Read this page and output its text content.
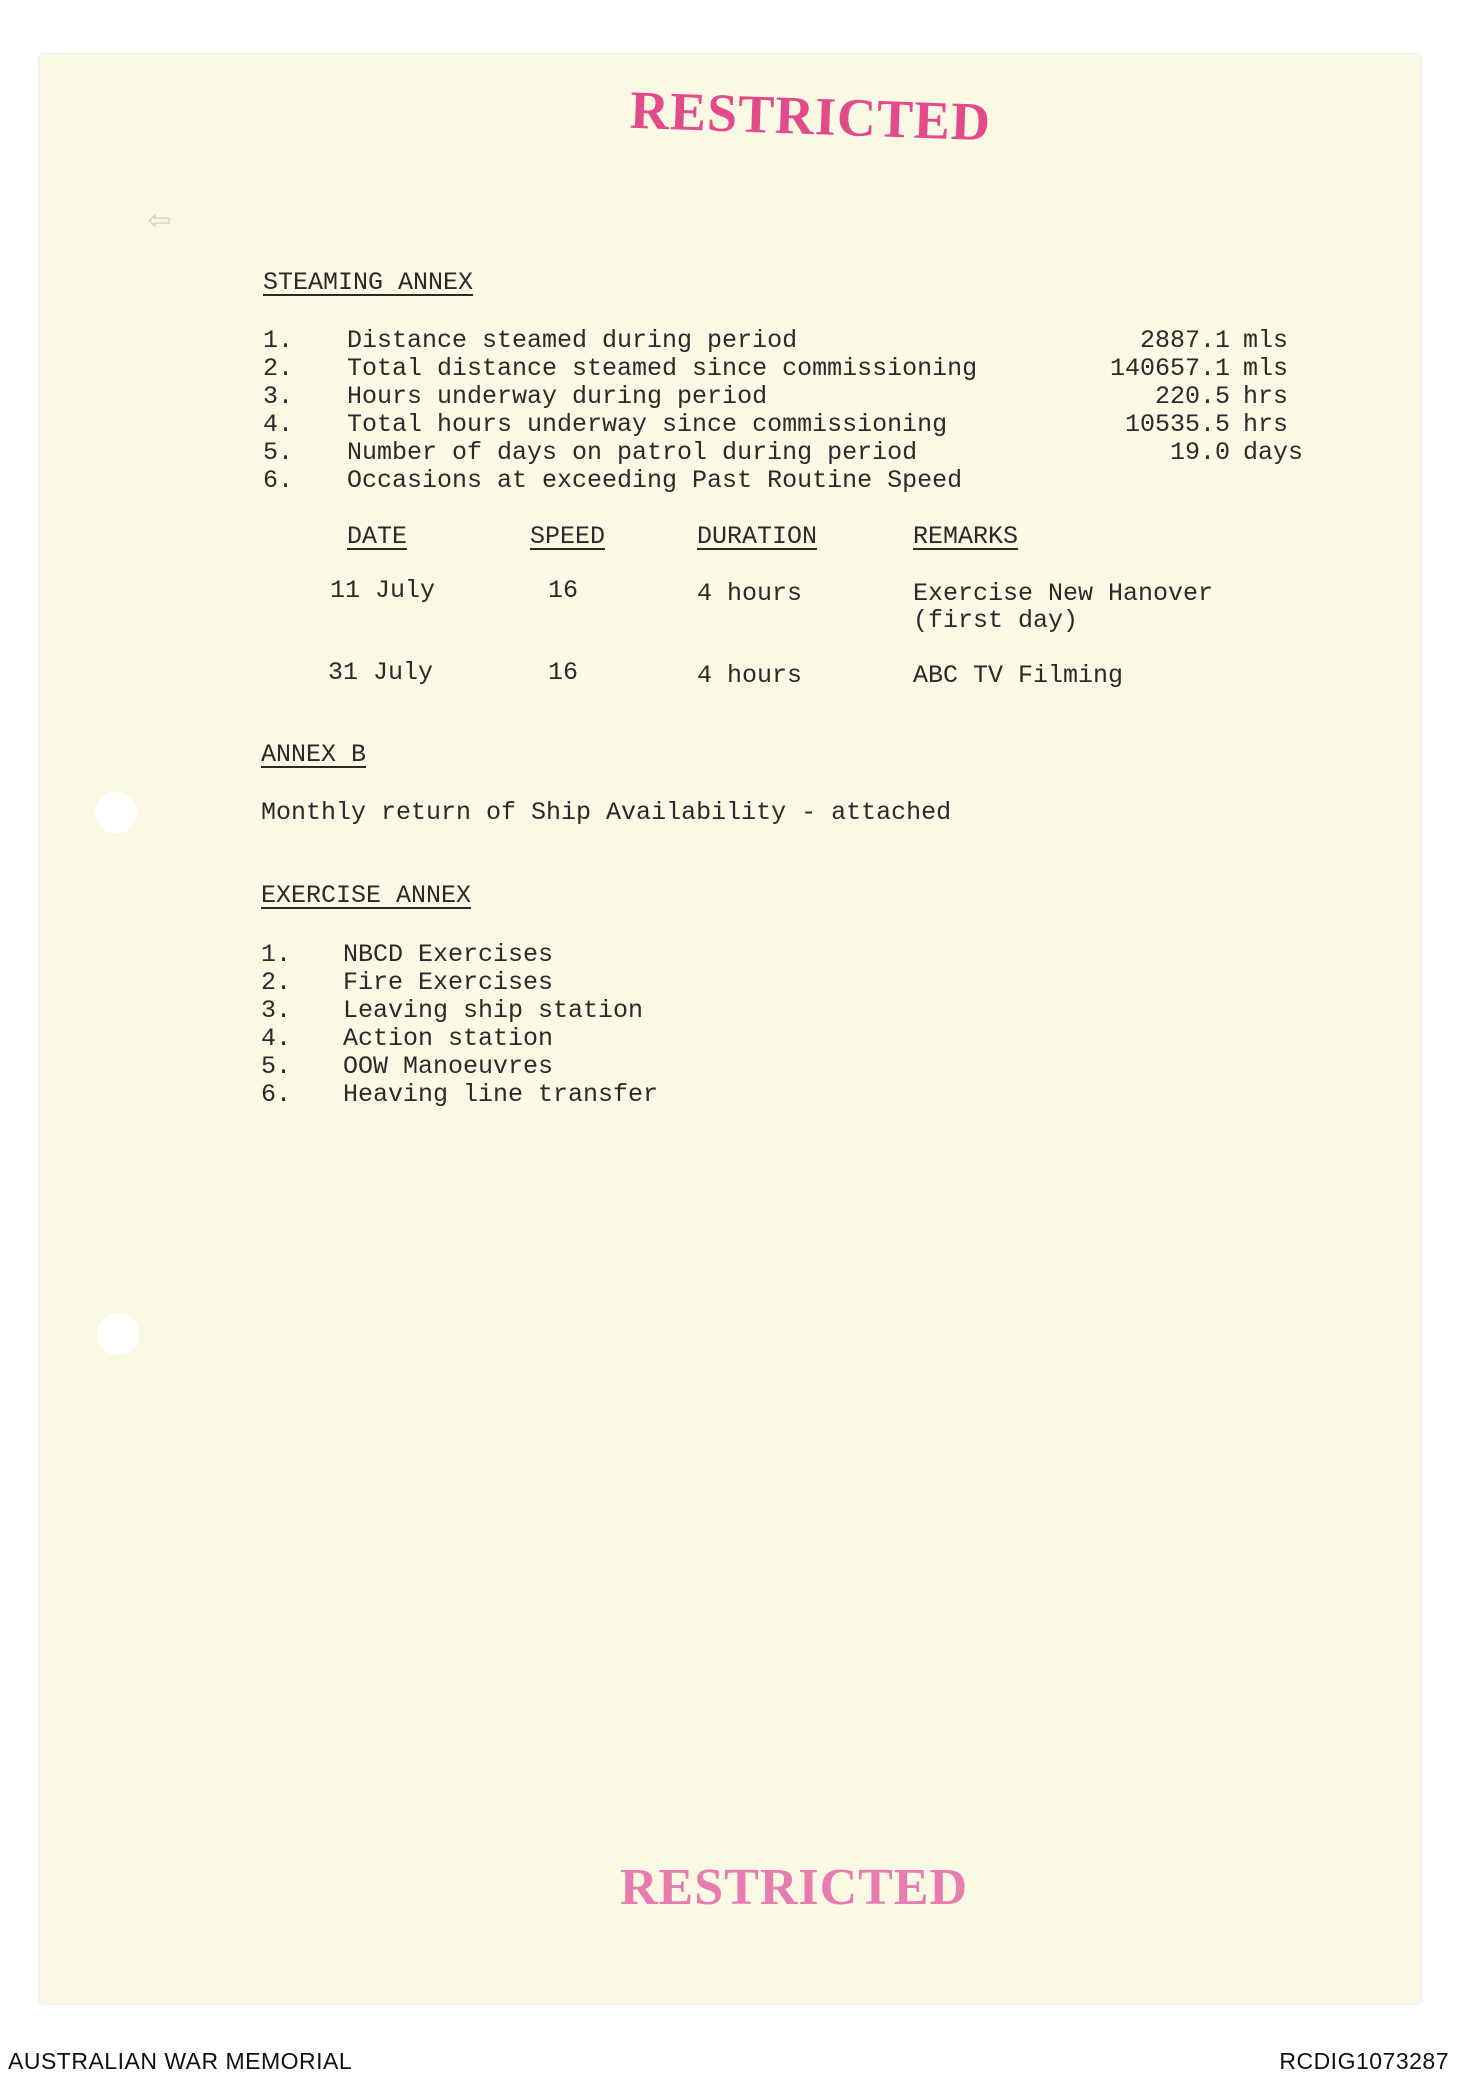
⇦
RESTRICTED
STEAMING ANNEX
1. Distance steamed during period	2887.1 mls
2. Total distance steamed since commissioning	140657.1 mls
3. Hours underway during period	220.5 hrs
4. Total hours underway since commissioning	10535.5 hrs
5. Number of days on patrol during period	19.0 days
6. Occasions at exceeding Past Routine Speed
DATE	SPEED	DURATION	REMARKS
11 July	16	4 hours	Exercise New Hanover
(first day)
31 July	16	4 hours	ABC TV Filming
ANNEX B
Monthly return of Ship Availability - attached
EXERCISE ANNEX
1. NBCD Exercises
2. Fire Exercises
3. Leaving ship station
4. Action station
5. OOW Manoeuvres
6. Heaving line transfer
RESTRICTED
AUSTRALIAN WAR MEMORIAL	RCDIG1073287
